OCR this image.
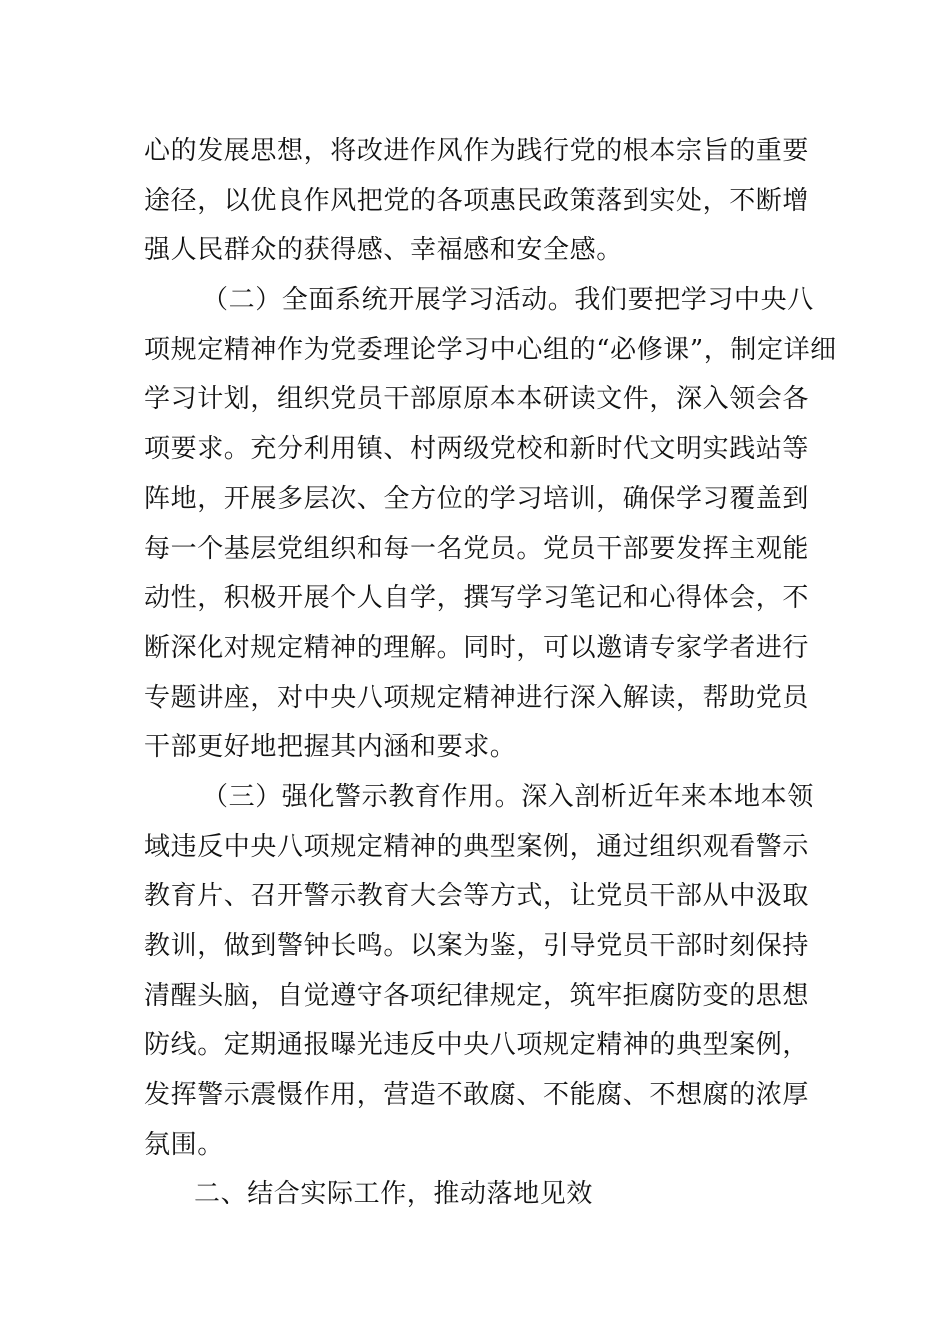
心的发展思想，将改进作风作为践行党的根本宗旨的重要
途径，以优良作风把党的各项惠民政策落到实处，不断增
强人民群众的获得感、幸福感和安全感。
（二）全面系统开展学习活动。我们要把学习中央八
项规定精神作为党委理论学习中心组的“必修课”，制定详细
学习计划，组织党员干部原原本本研读文件，深入领会各
项要求。充分利用镇、村两级党校和新时代文明实践站等
阵地，开展多层次、全方位的学习培训，确保学习覆盖到
每一个基层党组织和每一名党员。党员干部要发挥主观能
动性，积极开展个人自学，撰写学习笔记和心得体会，不
断深化对规定精神的理解。同时，可以邀请专家学者进行
专题讲座，对中央八项规定精神进行深入解读，帮助党员
干部更好地把握其内涵和要求。
（三）强化警示教育作用。深入剖析近年来本地本领
域违反中央八项规定精神的典型案例，通过组织观看警示
教育片、召开警示教育大会等方式，让党员干部从中汲取
教训，做到警钟长鸣。以案为鉴，引导党员干部时刻保持
清醒头脑，自觉遵守各项纪律规定，筑牢拒腐防变的思想
防线。定期通报曝光违反中央八项规定精神的典型案例，
发挥警示震慑作用，营造不敢腐、不能腐、不想腐的浓厚
氛围。
二、结合实际工作，推动落地见效
